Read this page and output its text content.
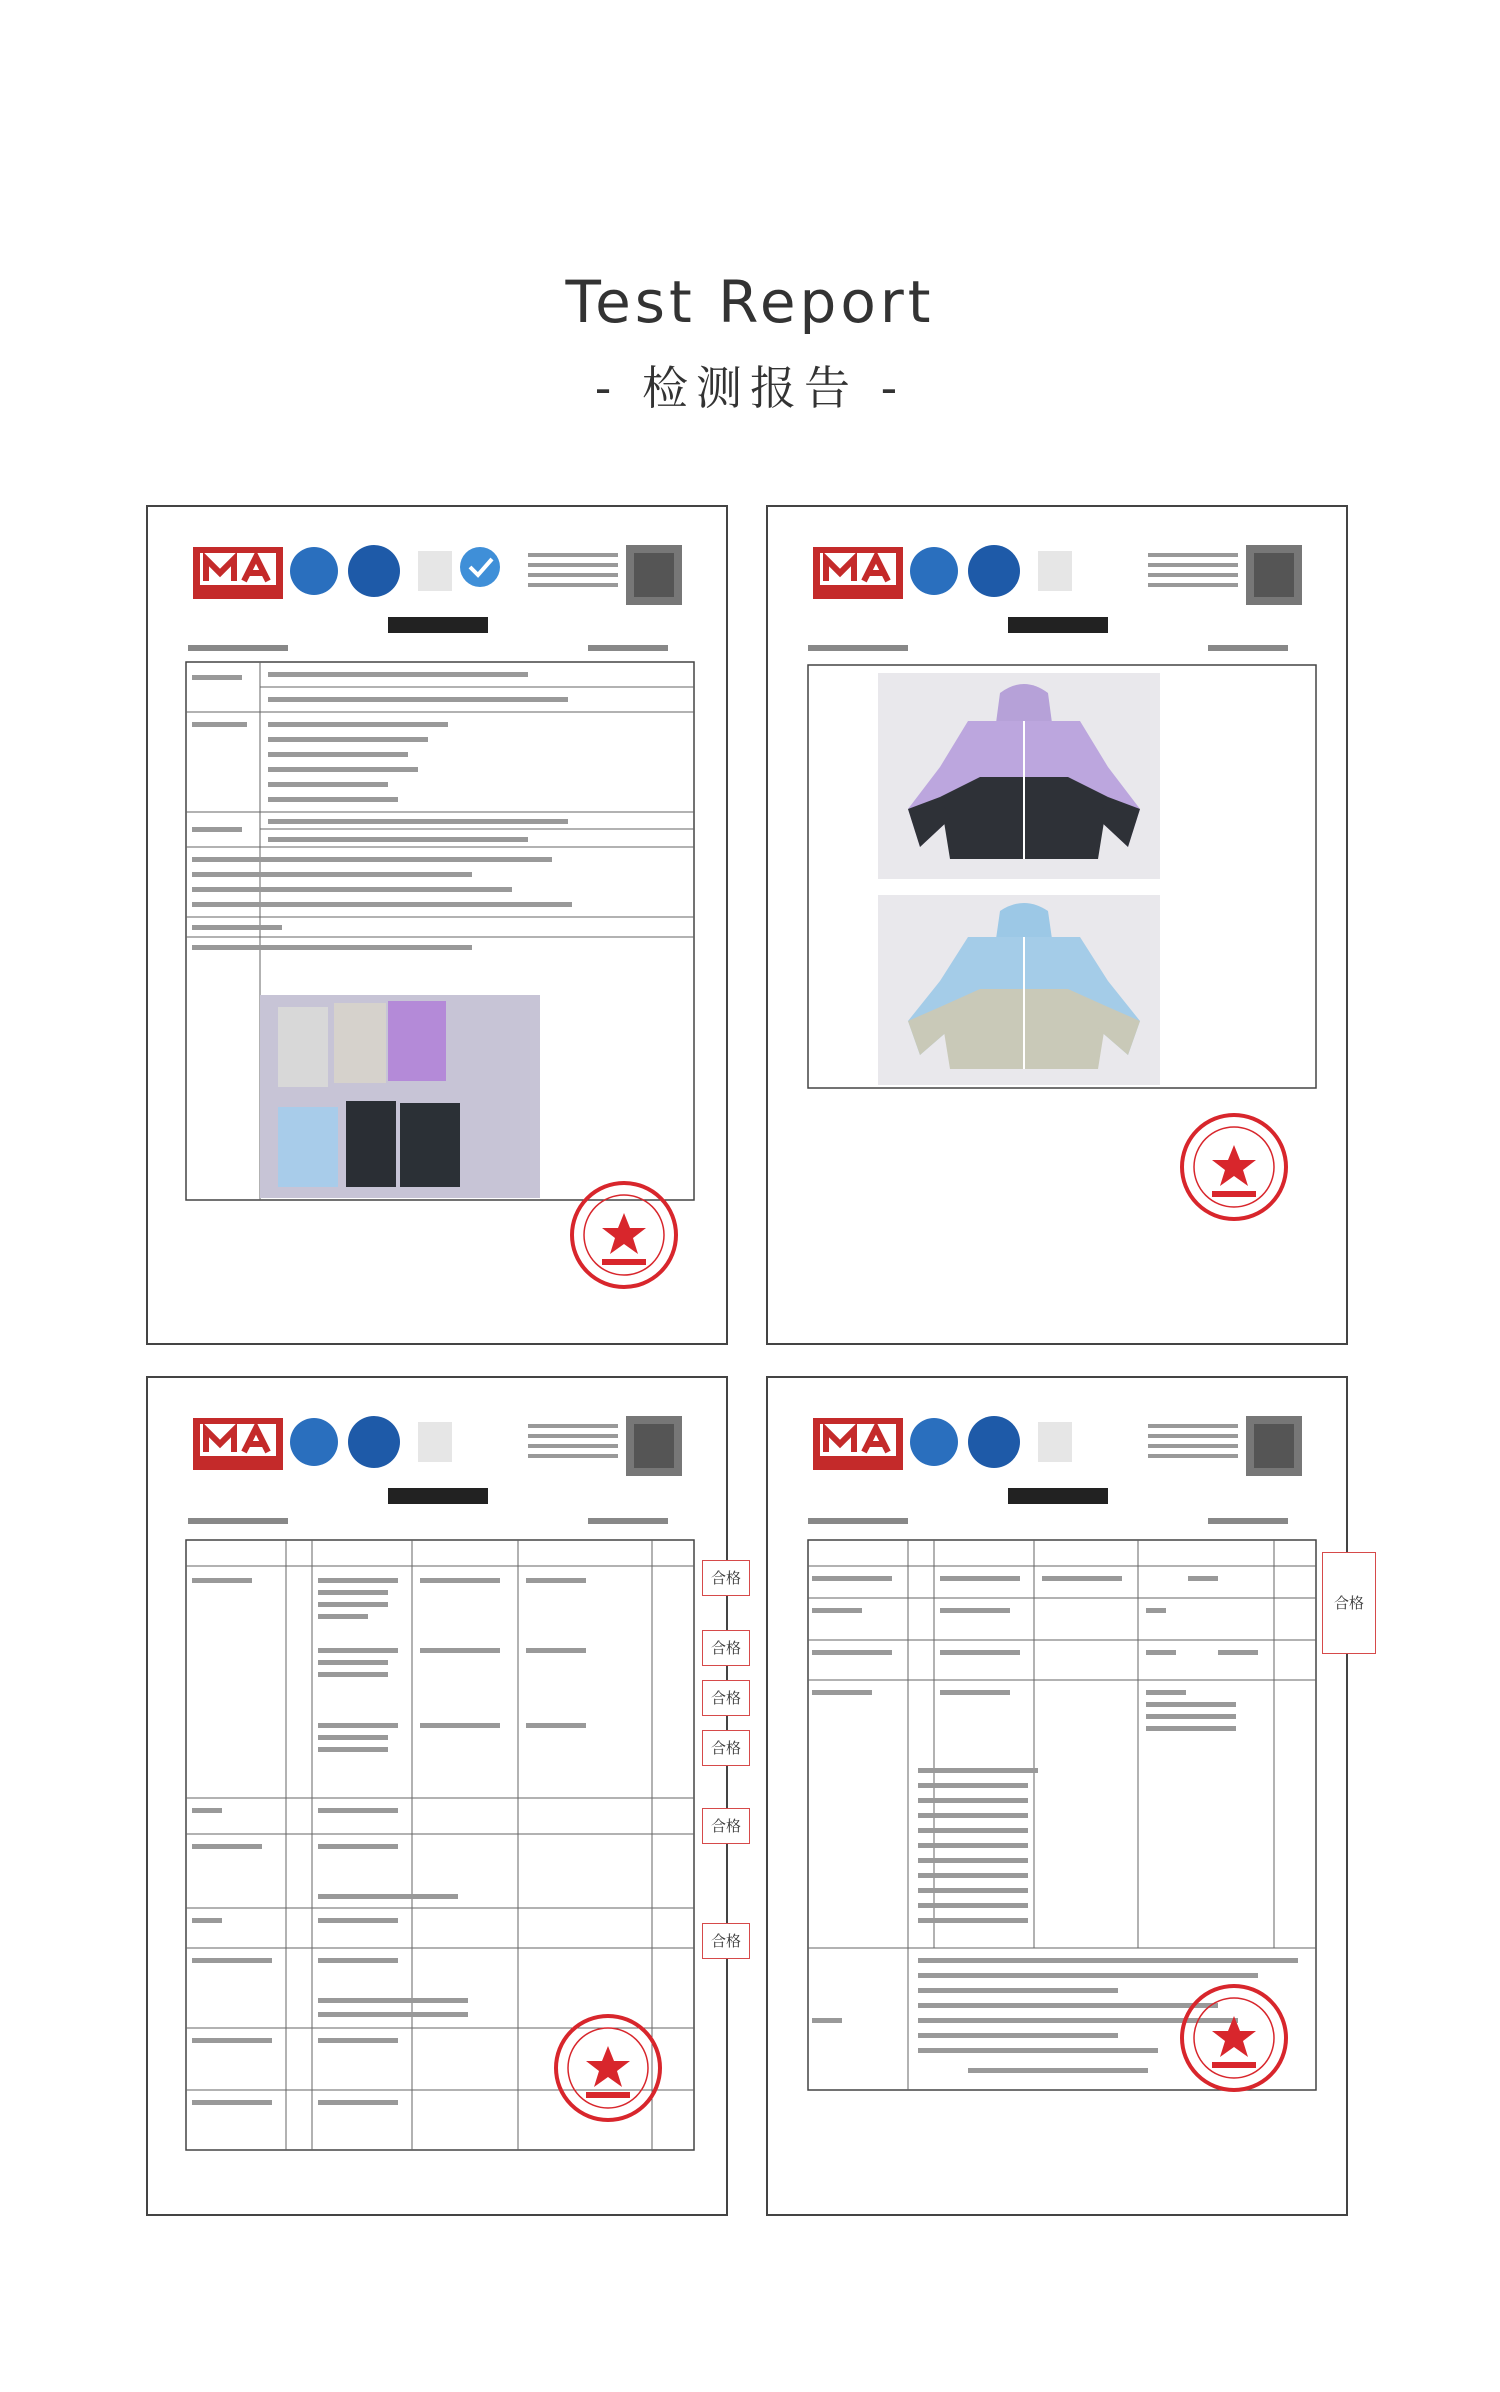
Test Report
- 检测报告 -
合格
合格
合格
合格
合格
合格
合格
